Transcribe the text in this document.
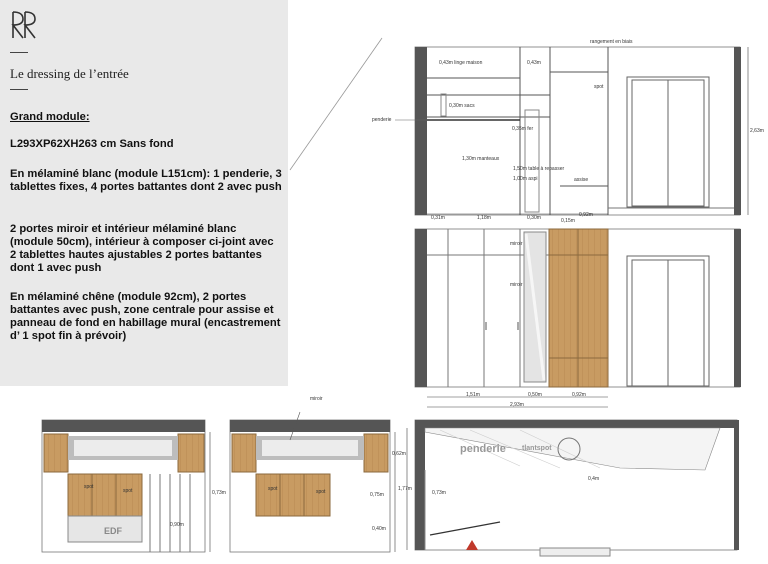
Le dressing de l’entrée

Grand module:

L293XP62XH263 cm Sans fond

En mélaminé blanc (module L151cm): 1 penderie, 3 tablettes fixes, 4 portes battantes dont 2 avec push

2 portes miroir et intérieur mélaminé blanc (module 50cm), intérieur à composer ci-joint avec 2 tablettes hautes ajustables 2 portes battantes dont 1 avec push

En mélaminé chêne (module 92cm), 2 portes battantes avec push, zone centrale pour assise et panneau de fond en habillage mural (encastrement d’ 1 spot fin à prévoir)

0,43m linge maison	0,43m
rangement en biais
spot
penderie
0,30m sacs
0,35m fer
1,30m manteaux
1,50m table à repasser
1,00m aspi	assise
2,63m
0,31m	1,18m	0,30m	0,15m
0,92m
miroir
miroir
1,51m	0,50m	0,92m
2,93m
EDF
spot
spot	0,73m
0,90m
miroir
spot	spot
0,62m
0,75m
0,40m
penderie tlantspot
1,77m
0,4m
0,73m
